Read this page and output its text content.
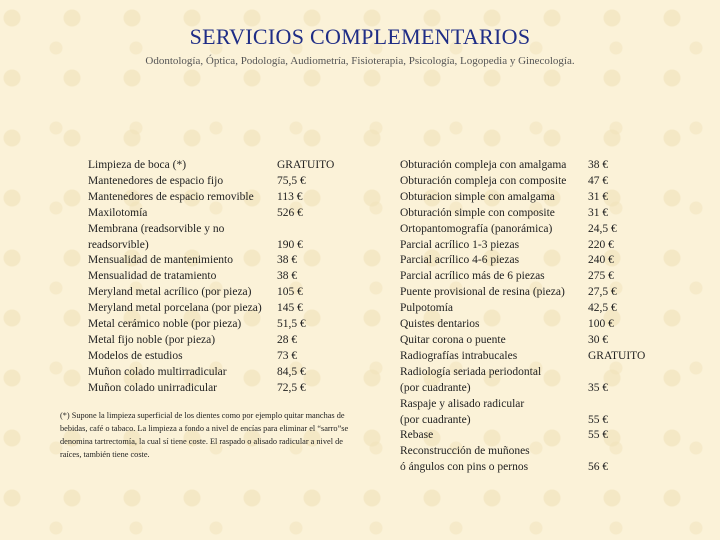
SERVICIOS COMPLEMENTARIOS
Odontología, Óptica, Podología, Audiometría, Fisioterapia, Psicología, Logopedia y Ginecología.
Limpieza de boca (*)	GRATUITO
Mantenedores de espacio fijo	75,5 €
Mantenedores de espacio removible	113 €
Maxilotomía	526 €
Membrana (readsorvible y no
readsorvible)	190 €
Mensualidad de mantenimiento	38 €
Mensualidad de tratamiento	38 €
Meryland metal acrílico (por pieza)	105 €
Meryland metal porcelana (por pieza)	145 €
Metal cerámico noble (por pieza)	51,5 €
Metal fijo noble (por pieza)	28 €
Modelos de estudios	73 €
Muñon colado multirradicular	84,5 €
Muñon colado unirradicular	72,5 €
Obturación compleja con amalgama	38 €
Obturación compleja con composite	47 €
Obturacion simple con amalgama	31 €
Obturación simple con composite	31 €
Ortopantomografía (panorámica)	24,5 €
Parcial acrílico 1-3 piezas	220 €
Parcial acrílico 4-6 piezas	240 €
Parcial acrílico más de 6 piezas	275 €
Puente provisional de resina (pieza)	27,5 €
Pulpotomía	42,5 €
Quistes dentarios	100 €
Quitar corona o puente	30 €
Radiografías intrabucales	GRATUITO
Radiología seriada periodontal
(por cuadrante)	35 €
Raspaje y alisado radicular
(por cuadrante)	55 €
Rebase	55 €
Reconstrucción de muñones
ó ángulos con pins o pernos	56 €
(*) Supone la limpieza superficial de los dientes como por ejemplo quitar manchas de bebidas, café o tabaco. La limpieza a fondo a nivel de encías para eliminar el “sarro”se denomina tartrectomía, la cual sí tiene coste. El raspado o alisado radicular a nivel de raíces, también tiene coste.
